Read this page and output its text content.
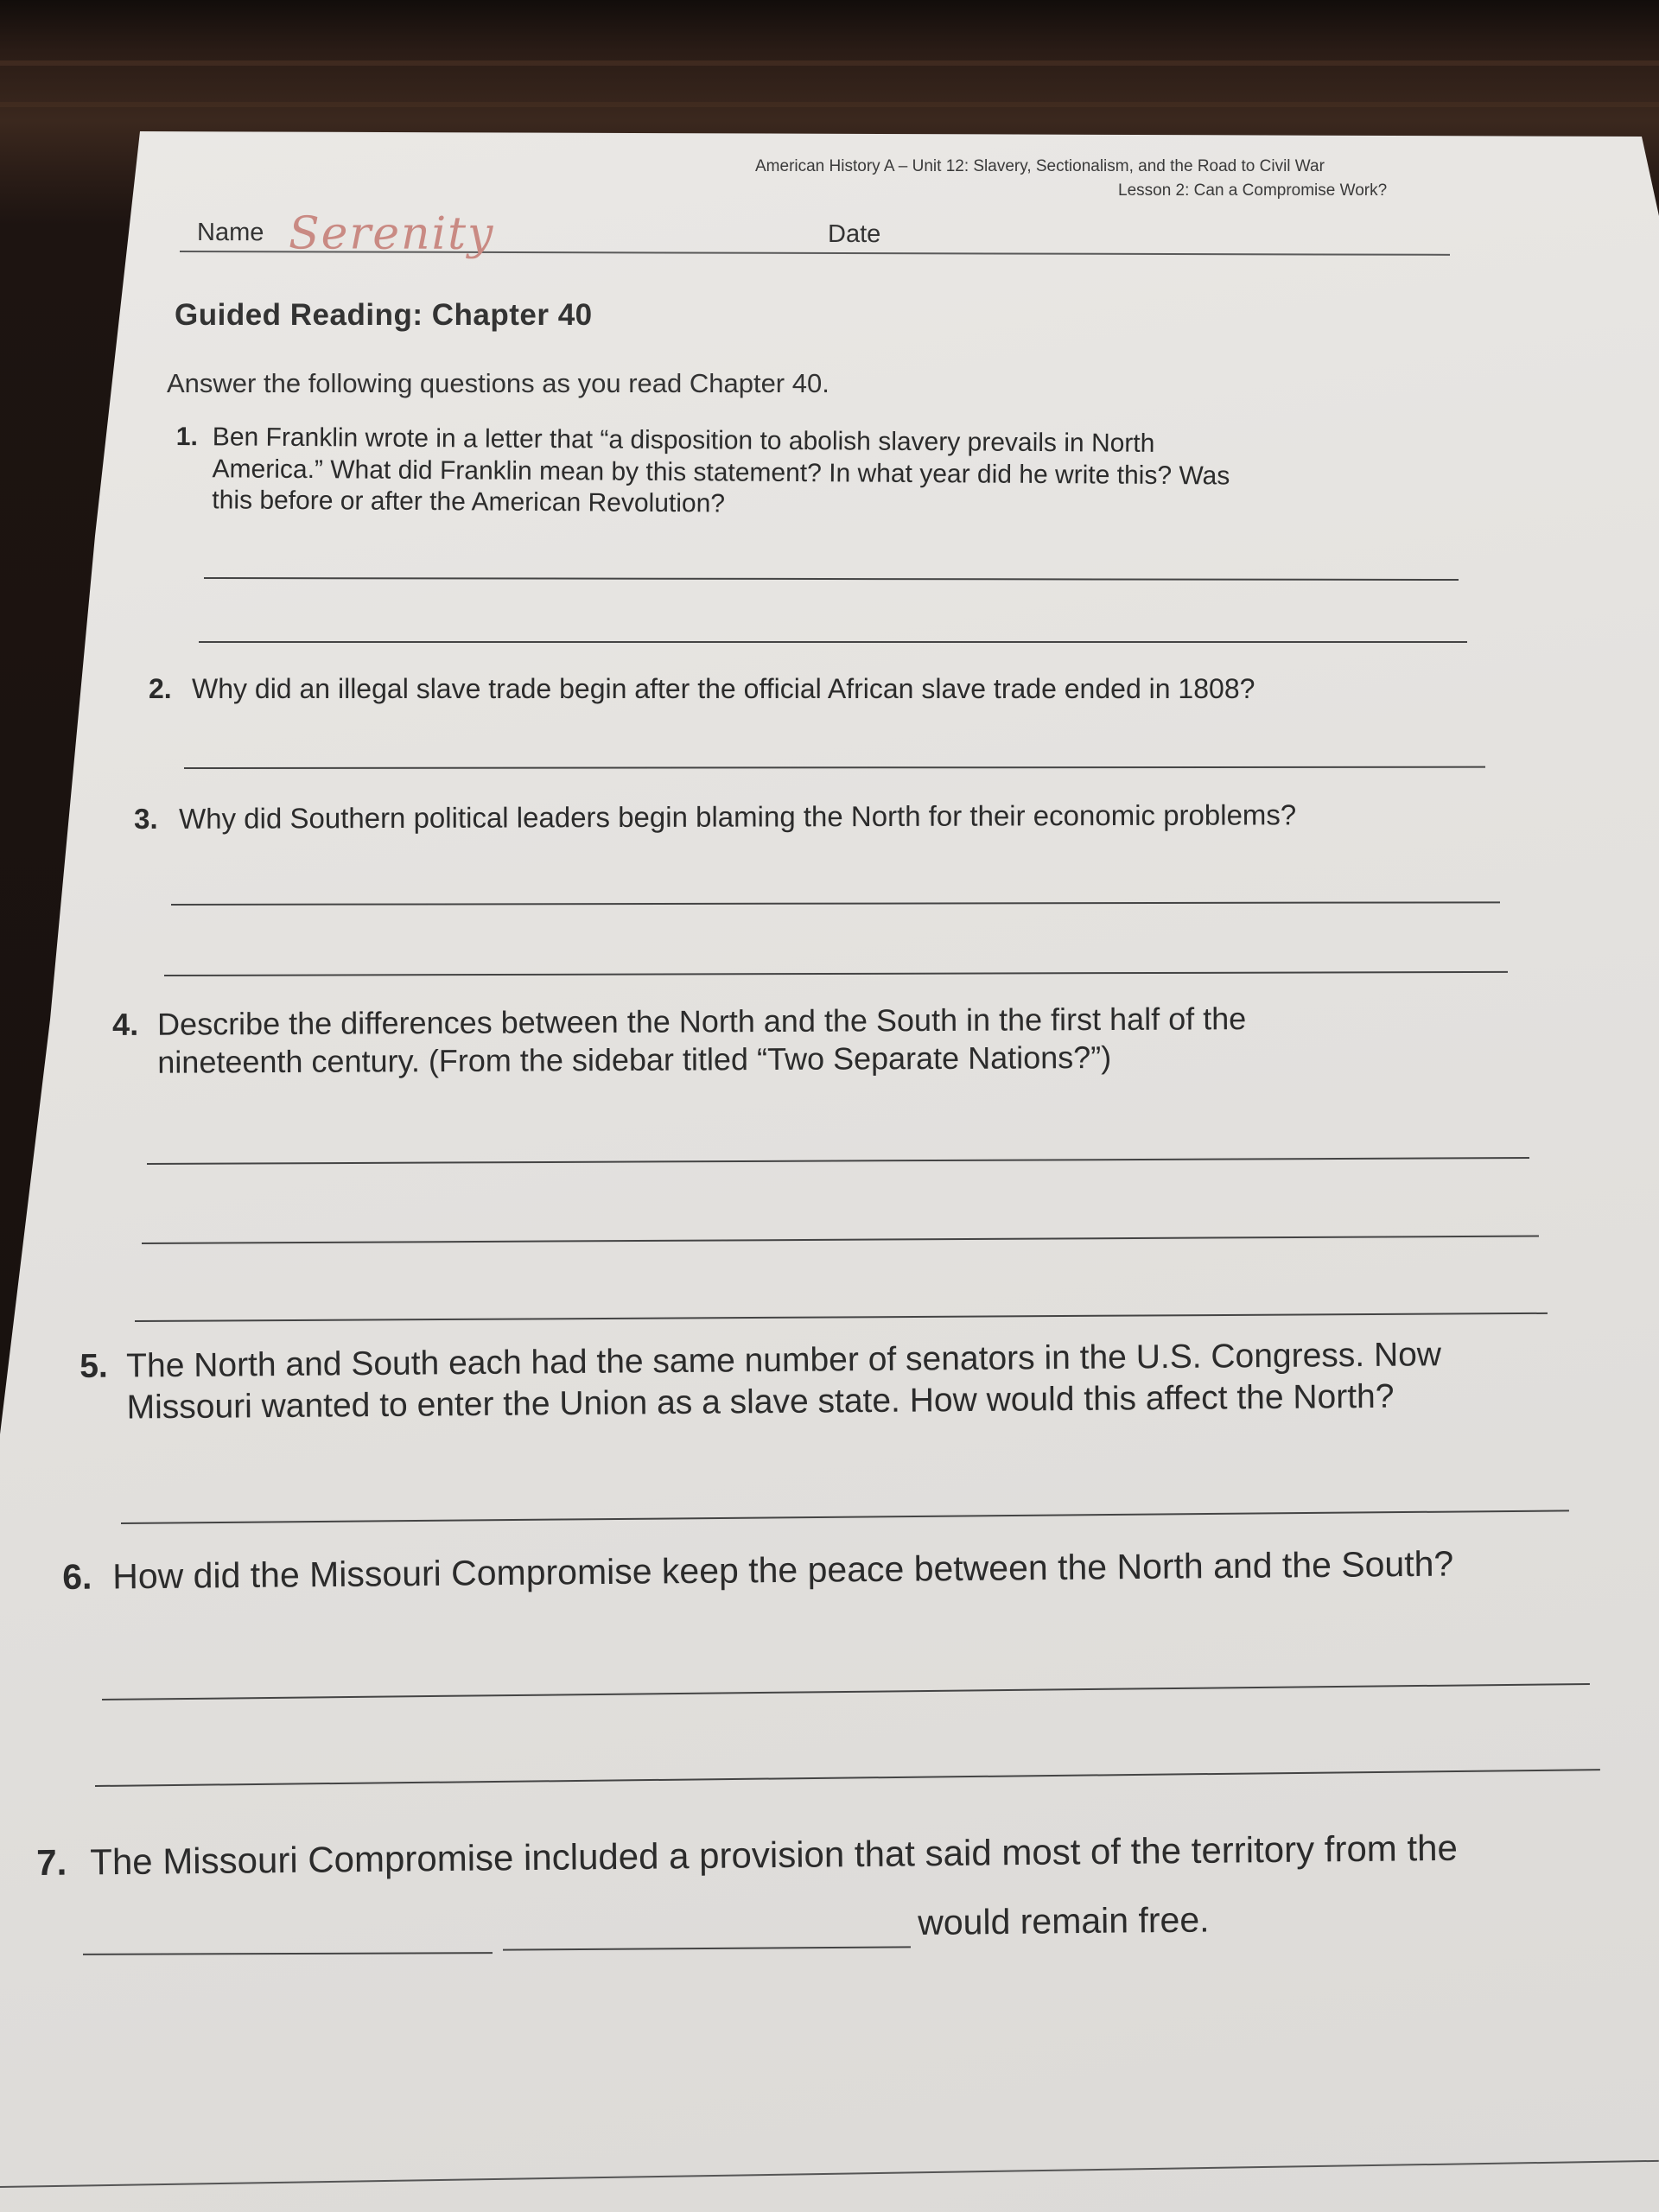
American History A – Unit 12: Slavery, Sectionalism, and the Road to Civil War
Lesson 2: Can a Compromise Work?
Name Serenity	Date
Guided Reading: Chapter 40
Answer the following questions as you read Chapter 40.
1. Ben Franklin wrote in a letter that “a disposition to abolish slavery prevails in North
America.” What did Franklin mean by this statement? In what year did he write this? Was
this before or after the American Revolution?
2. Why did an illegal slave trade begin after the official African slave trade ended in 1808?
3. Why did Southern political leaders begin blaming the North for their economic problems?
4. Describe the differences between the North and the South in the first half of the
nineteenth century. (From the sidebar titled “Two Separate Nations?”)
5. The North and South each had the same number of senators in the U.S. Congress. Now
Missouri wanted to enter the Union as a slave state. How would this affect the North?
6. How did the Missouri Compromise keep the peace between the North and the South?
7. The Missouri Compromise included a provision that said most of the territory from the
would remain free.
